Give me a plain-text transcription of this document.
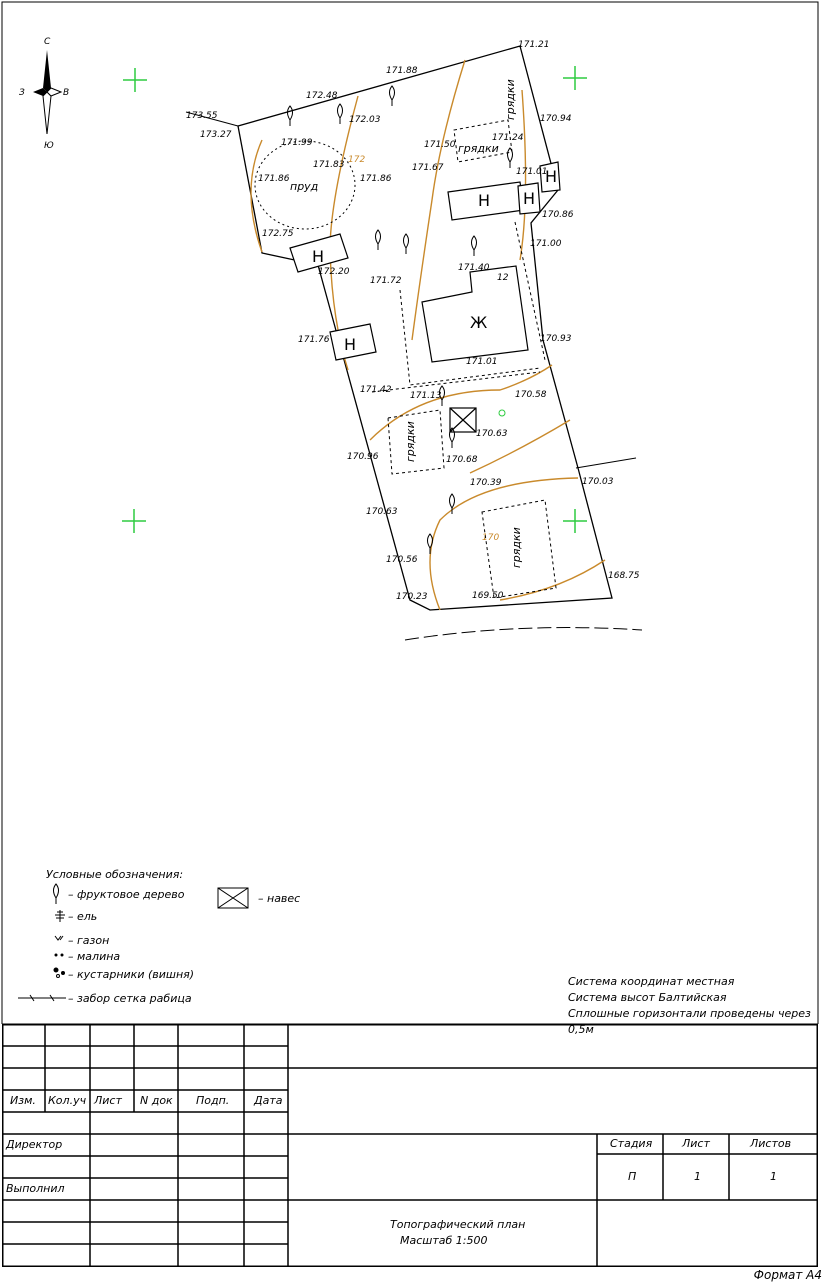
С
Ю
З	В
172
170
пруд
Н
Н Н
Н
Н
Ж
12
грядки
грядки
грядки
грядки
171.21
171.88
172.48
173.55
173.27
172.03
171.99
171.83
171.86	171.86
171.50
171.67
171.24
170.94
171.01
170.86
171.00
172.75
172.20
171.72
171.40
171.76	170.93
171.01
171.42
171.13	170.58
170.63
170.96	170.68
170.39	170.03
170.63
170.56
168.75
170.23	169.50
Условные обозначения:
– фруктовое дерево
– ель
– газон
– малина
– кустарники (вишня)
– забор сетка рабица
– навес
Система координат местная
Система высот Балтийская
Сплошные горизонтали проведены через 0,5м
Изм. Кол.уч Лист N док Подп. Дата
Директор
Выполнил
Стадия	Лист	Листов
П	1	1
Топографический план
Масштаб 1:500
Формат А4
